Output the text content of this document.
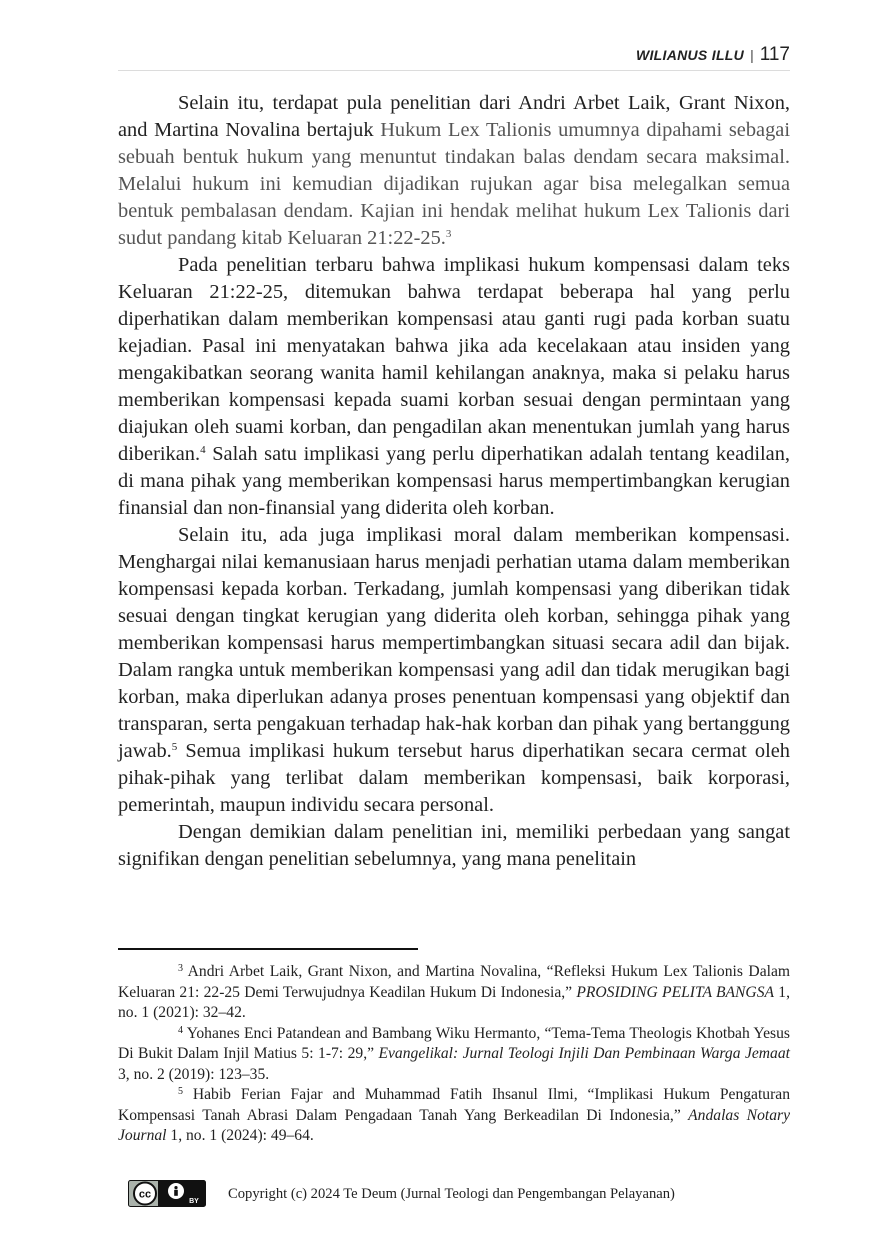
WILIANUS ILLU | 117

Selain itu, terdapat pula penelitian dari Andri Arbet Laik, Grant Nixon, and Martina Novalina bertajuk Hukum Lex Talionis umumnya dipahami sebagai sebuah bentuk hukum yang menuntut tindakan balas dendam secara maksimal. Melalui hukum ini kemudian dijadikan rujukan agar bisa melegalkan semua bentuk pembalasan dendam. Kajian ini hendak melihat hukum Lex Talionis dari sudut pandang kitab Keluaran 21:22-25.$^3$

Pada penelitian terbaru bahwa implikasi hukum kompensasi dalam teks Keluaran 21:22-25, ditemukan bahwa terdapat beberapa hal yang perlu diperhatikan dalam memberikan kompensasi atau ganti rugi pada korban suatu kejadian. Pasal ini menyatakan bahwa jika ada kecelakaan atau insiden yang mengakibatkan seorang wanita hamil kehilangan anaknya, maka si pelaku harus memberikan kompensasi kepada suami korban sesuai dengan permintaan yang diajukan oleh suami korban, dan pengadilan akan menentukan jumlah yang harus diberikan.$^4$ Salah satu implikasi yang perlu diperhatikan adalah tentang keadilan, di mana pihak yang memberikan kompensasi harus mempertimbangkan kerugian finansial dan non-finansial yang diderita oleh korban.

Selain itu, ada juga implikasi moral dalam memberikan kompensasi. Menghargai nilai kemanusiaan harus menjadi perhatian utama dalam memberikan kompensasi kepada korban. Terkadang, jumlah kompensasi yang diberikan tidak sesuai dengan tingkat kerugian yang diderita oleh korban, sehingga pihak yang memberikan kompensasi harus mempertimbangkan situasi secara adil dan bijak. Dalam rangka untuk memberikan kompensasi yang adil dan tidak merugikan bagi korban, maka diperlukan adanya proses penentuan kompensasi yang objektif dan transparan, serta pengakuan terhadap hak-hak korban dan pihak yang bertanggung jawab.$^5$ Semua implikasi hukum tersebut harus diperhatikan secara cermat oleh pihak-pihak yang terlibat dalam memberikan kompensasi, baik korporasi, pemerintah, maupun individu secara personal.

Dengan demikian dalam penelitian ini, memiliki perbedaan yang sangat signifikan dengan penelitian sebelumnya, yang mana penelitain

$^3$ Andri Arbet Laik, Grant Nixon, and Martina Novalina, “Refleksi Hukum Lex Talionis Dalam Keluaran 21: 22-25 Demi Terwujudnya Keadilan Hukum Di Indonesia,” PROSIDING PELITA BANGSA 1, no. 1 (2021): 32–42.

$^4$ Yohanes Enci Patandean and Bambang Wiku Hermanto, “Tema-Tema Theologis Khotbah Yesus Di Bukit Dalam Injil Matius 5: 1-7: 29,” Evangelikal: Jurnal Teologi Injili Dan Pembinaan Warga Jemaat 3, no. 2 (2019): 123–35.

$^5$ Habib Ferian Fajar and Muhammad Fatih Ihsanul Ilmi, “Implikasi Hukum Pengaturan Kompensasi Tanah Abrasi Dalam Pengadaan Tanah Yang Berkeadilan Di Indonesia,” Andalas Notary Journal 1, no. 1 (2024): 49–64.

cc
BY Copyright (c) 2024 Te Deum (Jurnal Teologi dan Pengembangan Pelayanan)
